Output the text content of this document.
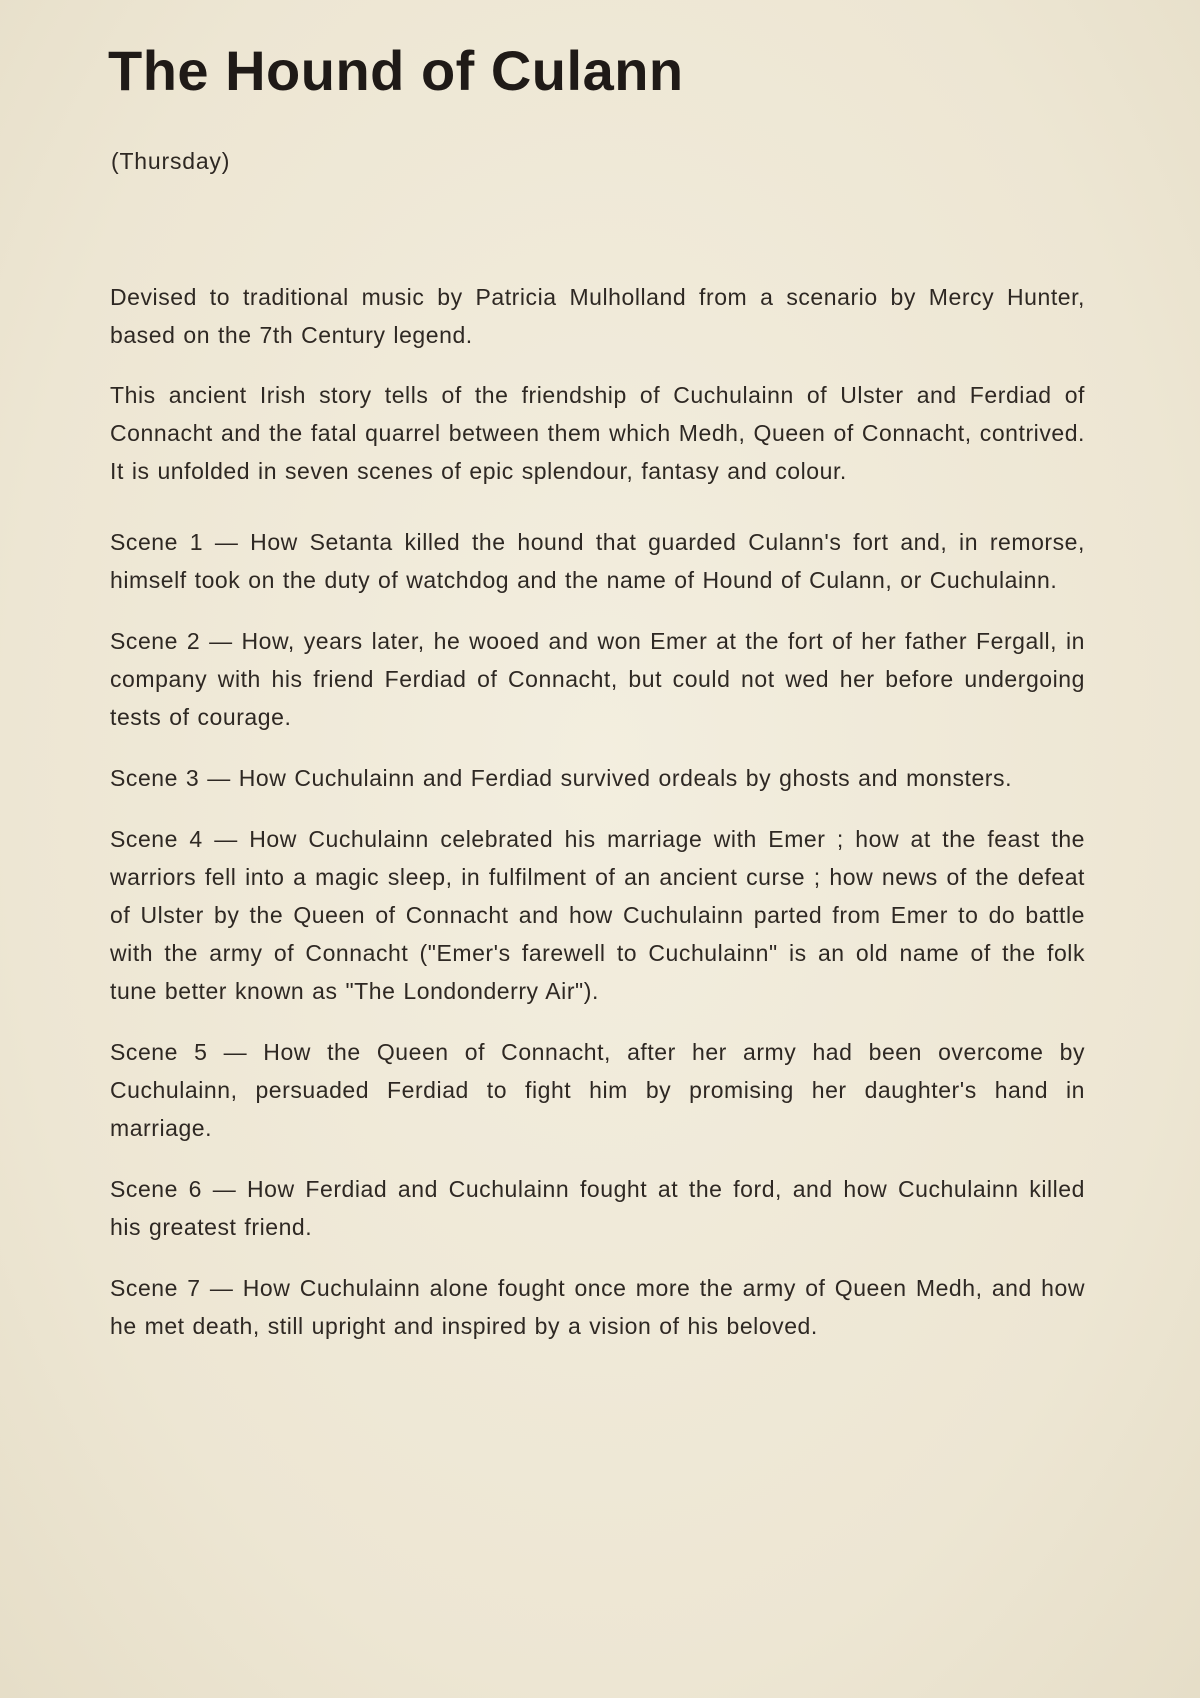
The Hound of Culann

(Thursday)

Devised to traditional music by Patricia Mulholland from a scenario by Mercy Hunter, based on the 7th Century legend.

This ancient Irish story tells of the friendship of Cuchulainn of Ulster and Ferdiad of Connacht and the fatal quarrel between them which Medh, Queen of Connacht, contrived. It is unfolded in seven scenes of epic splendour, fantasy and colour.

Scene 1 — How Setanta killed the hound that guarded Culann's fort and, in remorse, himself took on the duty of watchdog and the name of Hound of Culann, or Cuchulainn.

Scene 2 — How, years later, he wooed and won Emer at the fort of her father Fergall, in company with his friend Ferdiad of Connacht, but could not wed her before undergoing tests of courage.

Scene 3 — How Cuchulainn and Ferdiad survived ordeals by ghosts and monsters.

Scene 4 — How Cuchulainn celebrated his marriage with Emer ; how at the feast the warriors fell into a magic sleep, in fulfilment of an ancient curse ; how news of the defeat of Ulster by the Queen of Connacht and how Cuchulainn parted from Emer to do battle with the army of Connacht ("Emer's farewell to Cuchulainn" is an old name of the folk tune better known as "The Londonderry Air").

Scene 5 — How the Queen of Connacht, after her army had been overcome by Cuchulainn, persuaded Ferdiad to fight him by promising her daughter's hand in marriage.

Scene 6 — How Ferdiad and Cuchulainn fought at the ford, and how Cuchulainn killed his greatest friend.

Scene 7 — How Cuchulainn alone fought once more the army of Queen Medh, and how he met death, still upright and inspired by a vision of his beloved.
